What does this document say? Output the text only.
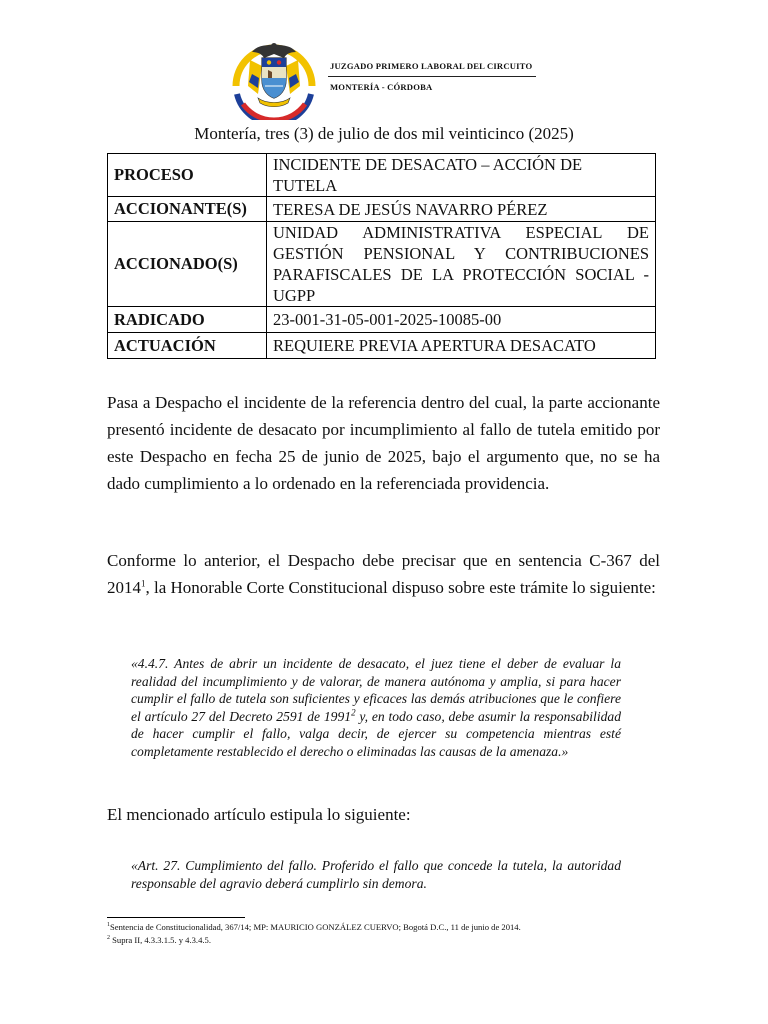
JUZGADO PRIMERO LABORAL DEL CIRCUITO
MONTERÍA - CÓRDOBA
Montería, tres (3) de julio de dos mil veinticinco (2025)
PROCESO	INCIDENTE DE DESACATO – ACCIÓN DE TUTELA
ACCIONANTE(S)	TERESA DE JESÚS NAVARRO PÉREZ
ACCIONADO(S)	UNIDAD ADMINISTRATIVA ESPECIAL DE GESTIÓN PENSIONAL Y CONTRIBUCIONES PARAFISCALES DE LA PROTECCIÓN SOCIAL - UGPP
RADICADO	23-001-31-05-001-2025-10085-00
ACTUACIÓN	REQUIERE PREVIA APERTURA DESACATO

Pasa a Despacho el incidente de la referencia dentro del cual, la parte accionante presentó incidente de desacato por incumplimiento al fallo de tutela emitido por este Despacho en fecha 25 de junio de 2025, bajo el argumento que, no se ha dado cumplimiento a lo ordenado en la referenciada providencia.

Conforme lo anterior, el Despacho debe precisar que en sentencia C-367 del 2014$^1$, la Honorable Corte Constitucional dispuso sobre este trámite lo siguiente:

«4.4.7. Antes de abrir un incidente de desacato, el juez tiene el deber de evaluar la realidad del incumplimiento y de valorar, de manera autónoma y amplia, si para hacer cumplir el fallo de tutela son suficientes y eficaces las demás atribuciones que le confiere el artículo 27 del Decreto 2591 de 1991$^2$ y, en todo caso, debe asumir la responsabilidad de hacer cumplir el fallo, valga decir, de ejercer su competencia mientras esté completamente restablecido el derecho o eliminadas las causas de la amenaza.»

El mencionado artículo estipula lo siguiente:

«Art. 27. Cumplimiento del fallo. Proferido el fallo que concede la tutela, la autoridad responsable del agravio deberá cumplirlo sin demora.

$^1$Sentencia de Constitucionalidad, 367/14; MP: MAURICIO GONZÁLEZ CUERVO; Bogotá D.C., 11 de junio de 2014.

$^2$ Supra II, 4.3.3.1.5. y 4.3.4.5.
